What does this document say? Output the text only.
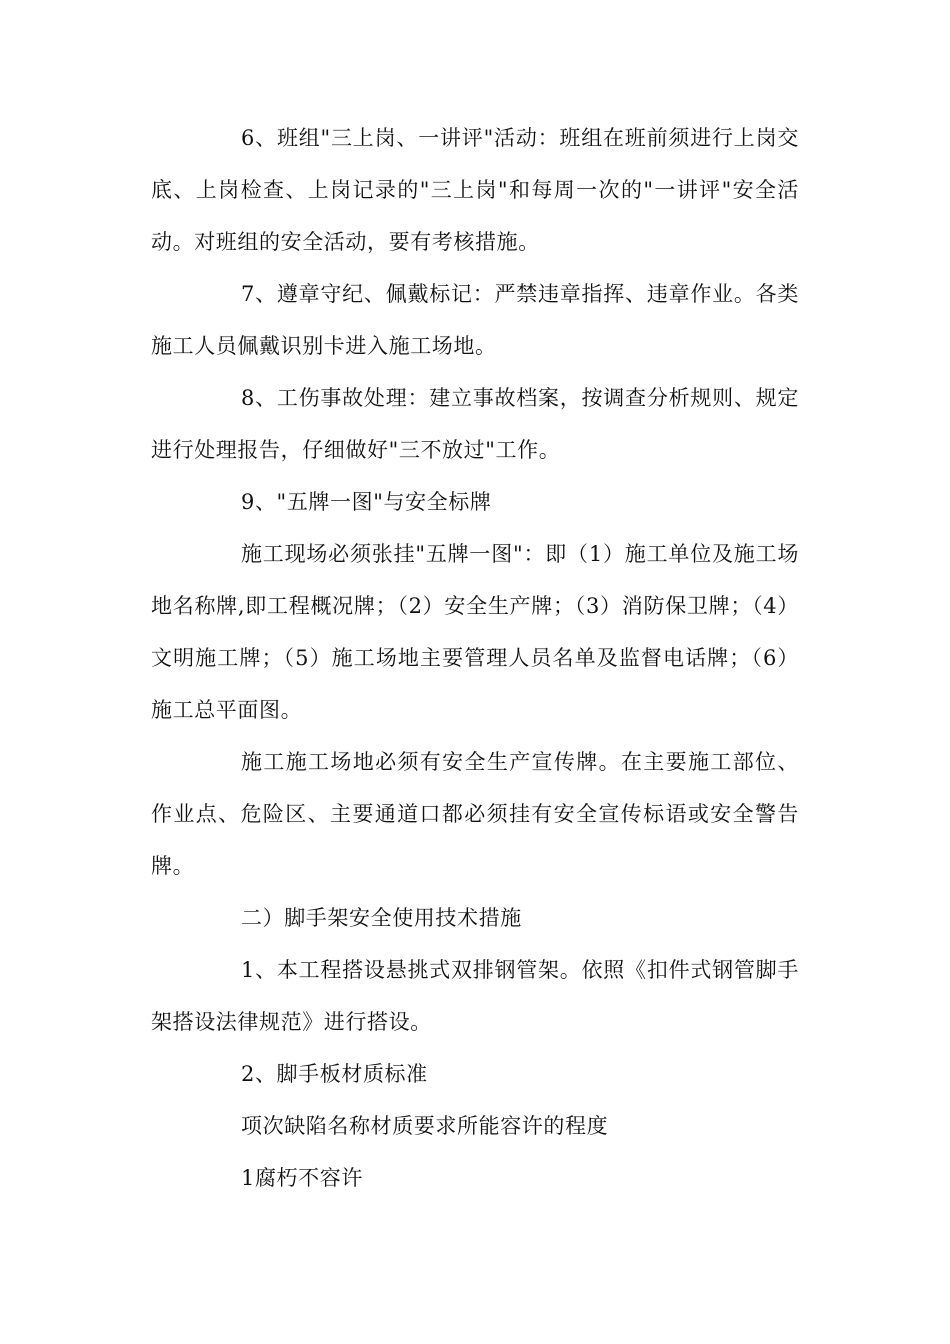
6、班组"三上岗、一讲评"活动：班组在班前须进行上岗交底、上岗检查、上岗记录的"三上岗"和每周一次的"一讲评"安全活动。对班组的安全活动，要有考核措施。

7、遵章守纪、佩戴标记：严禁违章指挥、违章作业。各类施工人员佩戴识别卡进入施工场地。

8、工伤事故处理：建立事故档案，按调查分析规则、规定进行处理报告，仔细做好"三不放过"工作。

9、"五牌一图"与安全标牌

施工现场必须张挂"五牌一图"：即（1）施工单位及施工场地名称牌,即工程概况牌；（2）安全生产牌；（3）消防保卫牌；（4）文明施工牌；（5）施工场地主要管理人员名单及监督电话牌；（6）施工总平面图。

施工施工场地必须有安全生产宣传牌。在主要施工部位、作业点、危险区、主要通道口都必须挂有安全宣传标语或安全警告牌。

二）脚手架安全使用技术措施

1、本工程搭设悬挑式双排钢管架。依照《扣件式钢管脚手架搭设法律规范》进行搭设。

2、脚手板材质标准

项次缺陷名称材质要求所能容许的程度

1腐朽不容许
